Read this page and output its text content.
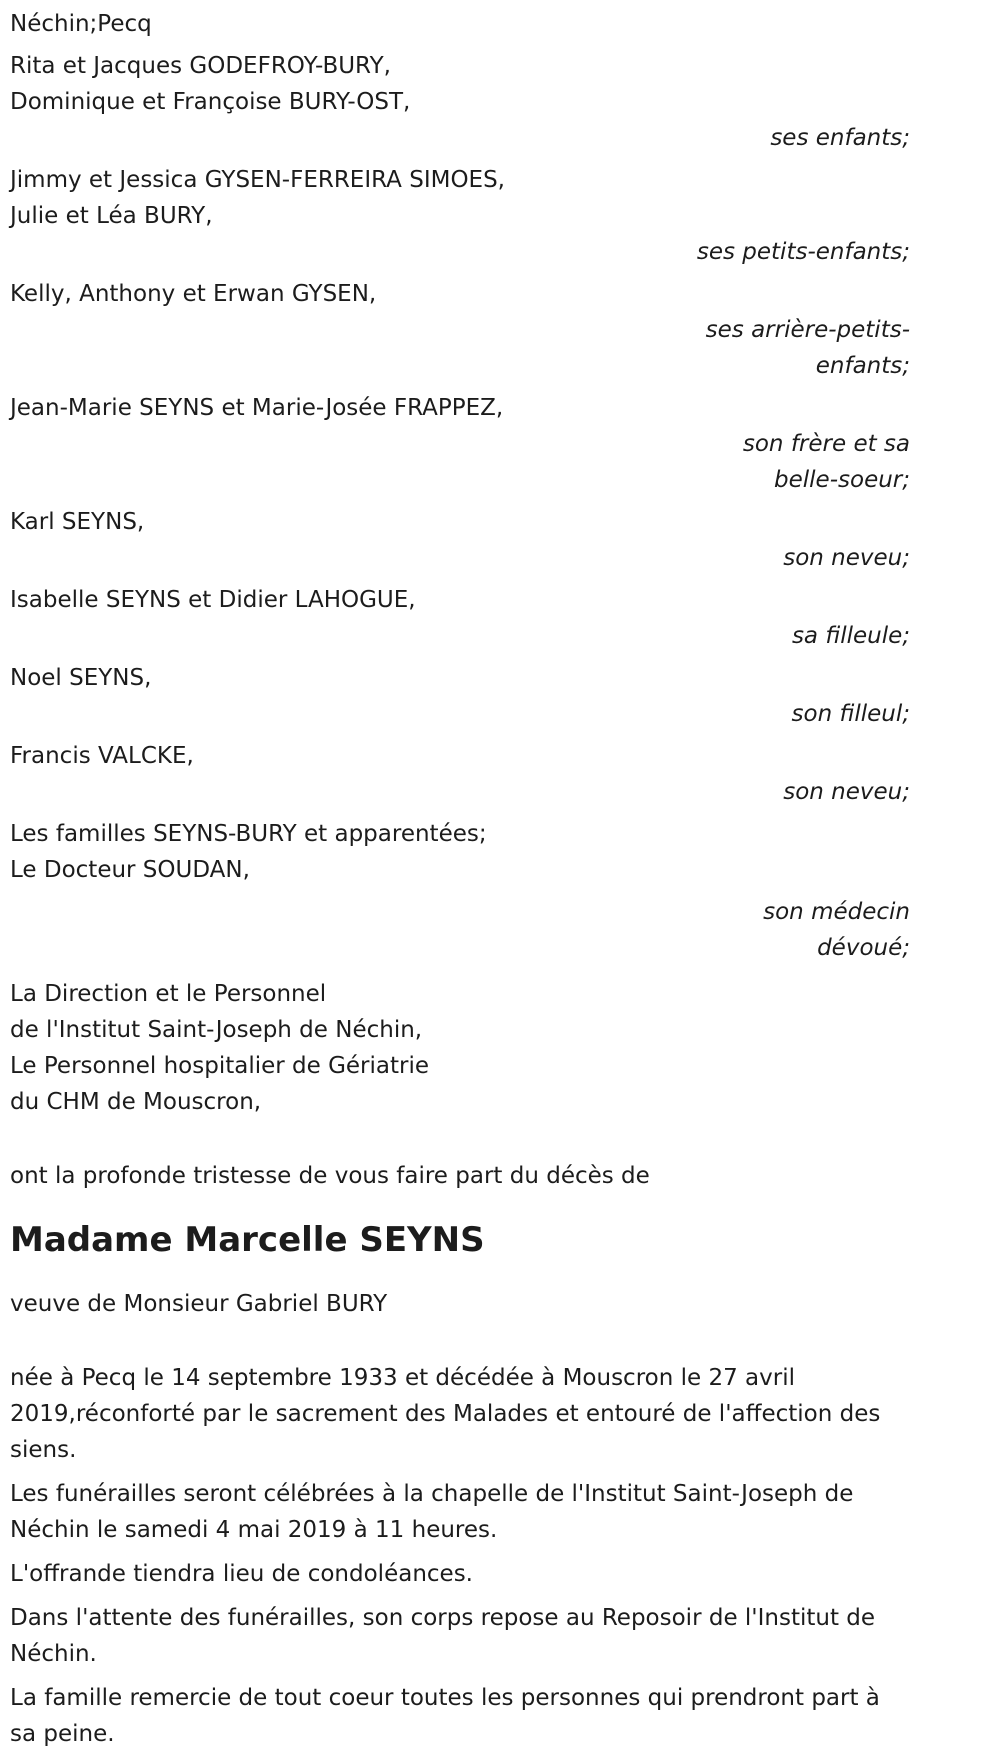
Néchin;Pecq

Rita et Jacques GODEFROY-BURY,

Dominique et Françoise BURY-OST,

ses enfants;

Jimmy et Jessica GYSEN-FERREIRA SIMOES,

Julie et Léa BURY,

ses petits-enfants;

Kelly, Anthony et Erwan GYSEN,

ses arrière-petits-

enfants;

Jean-Marie SEYNS et Marie-Josée FRAPPEZ,

son frère et sa

belle-soeur;

Karl SEYNS,

son neveu;

Isabelle SEYNS et Didier LAHOGUE,

sa filleule;

Noel SEYNS,

son filleul;

Francis VALCKE,

son neveu;

Les familles SEYNS-BURY et apparentées;

Le Docteur SOUDAN,

son médecin

dévoué;

La Direction et le Personnel

de l'Institut Saint-Joseph de Néchin,

Le Personnel hospitalier de Gériatrie

du CHM de Mouscron,

ont la profonde tristesse de vous faire part du décès de

Madame Marcelle SEYNS

veuve de Monsieur Gabriel BURY

née à Pecq le 14 septembre 1933 et décédée à Mouscron le 27 avril 2019,réconforté par le sacrement des Malades et entouré de l'affection des siens.

Les funérailles seront célébrées à la chapelle de l'Institut Saint-Joseph de Néchin le samedi 4 mai 2019 à 11 heures.

L'offrande tiendra lieu de condoléances.

Dans l'attente des funérailles, son corps repose au Reposoir de l'Institut de Néchin.

La famille remercie de tout coeur toutes les personnes qui prendront part à sa peine.
